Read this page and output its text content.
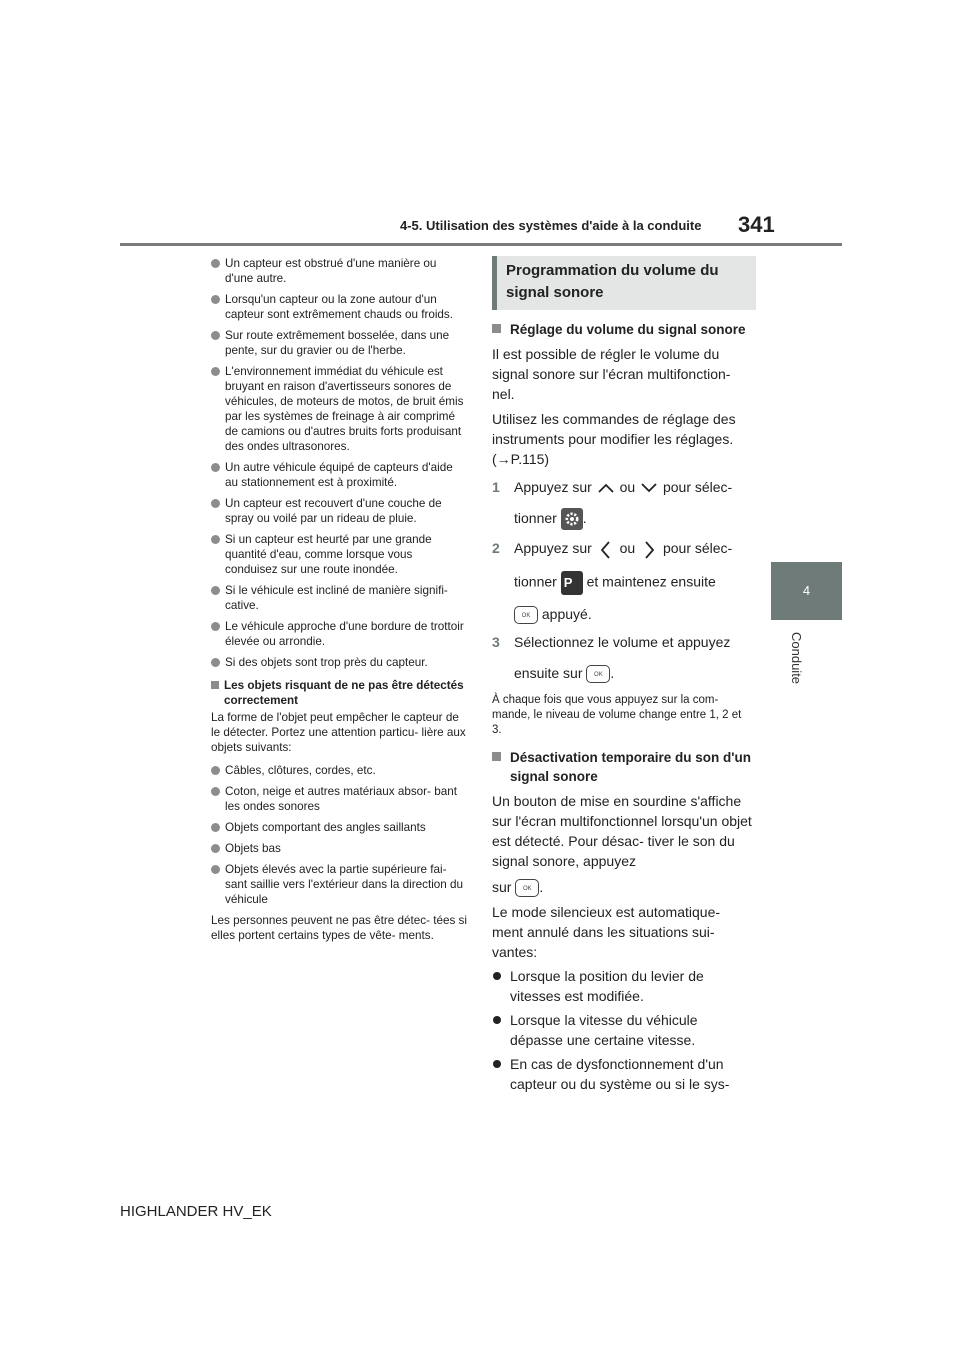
4-5. Utilisation des systèmes d'aide à la conduite 341
4
Conduite
Un capteur est obstrué d'une manière ou d'une autre.
Lorsqu'un capteur ou la zone autour d'un capteur sont extrêmement chauds ou froids.
Sur route extrêmement bosselée, dans une pente, sur du gravier ou de l'herbe.
L'environnement immédiat du véhicule est bruyant en raison d'avertisseurs sonores de véhicules, de moteurs de motos, de bruit émis par les systèmes de freinage à air comprimé de camions ou d'autres bruits forts produisant des ondes ultrasonores.
Un autre véhicule équipé de capteurs d'aide au stationnement est à proximité.
Un capteur est recouvert d'une couche de spray ou voilé par un rideau de pluie.
Si un capteur est heurté par une grande quantité d'eau, comme lorsque vous conduisez sur une route inondée.
Si le véhicule est incliné de manière signifi- cative.
Le véhicule approche d'une bordure de trottoir élevée ou arrondie.
Si des objets sont trop près du capteur.
Les objets risquant de ne pas être détectés correctement
La forme de l'objet peut empêcher le capteur de le détecter. Portez une attention particu- lière aux objets suivants:
Câbles, clôtures, cordes, etc.
Coton, neige et autres matériaux absor- bant les ondes sonores
Objets comportant des angles saillants
Objets bas
Objets élevés avec la partie supérieure fai- sant saillie vers l'extérieur dans la direction du véhicule
Les personnes peuvent ne pas être détec- tées si elles portent certains types de vête- ments.
Programmation du volume du signal sonore
Réglage du volume du signal sonore
Il est possible de régler le volume du signal sonore sur l'écran multifonction- nel.
Utilisez les commandes de réglage des instruments pour modifier les réglages.
(→P.115)
1 Appuyez sur ou pour sélec-
tionner .
2 Appuyez sur ou pour sélec-
tionner P et maintenez ensuite
OK appuyé.
3 Sélectionnez le volume et appuyez
ensuite sur OK .
À chaque fois que vous appuyez sur la com- mande, le niveau de volume change entre 1, 2 et 3.
Désactivation temporaire du son d'un signal sonore
Un bouton de mise en sourdine s'affiche sur l'écran multifonctionnel lorsqu'un objet est détecté. Pour désac- tiver le son du signal sonore, appuyez
sur OK .
Le mode silencieux est automatique- ment annulé dans les situations sui- vantes:
Lorsque la position du levier de vitesses est modifiée.
Lorsque la vitesse du véhicule dépasse une certaine vitesse.
En cas de dysfonctionnement d'un capteur ou du système ou si le sys-
HIGHLANDER HV_EK
